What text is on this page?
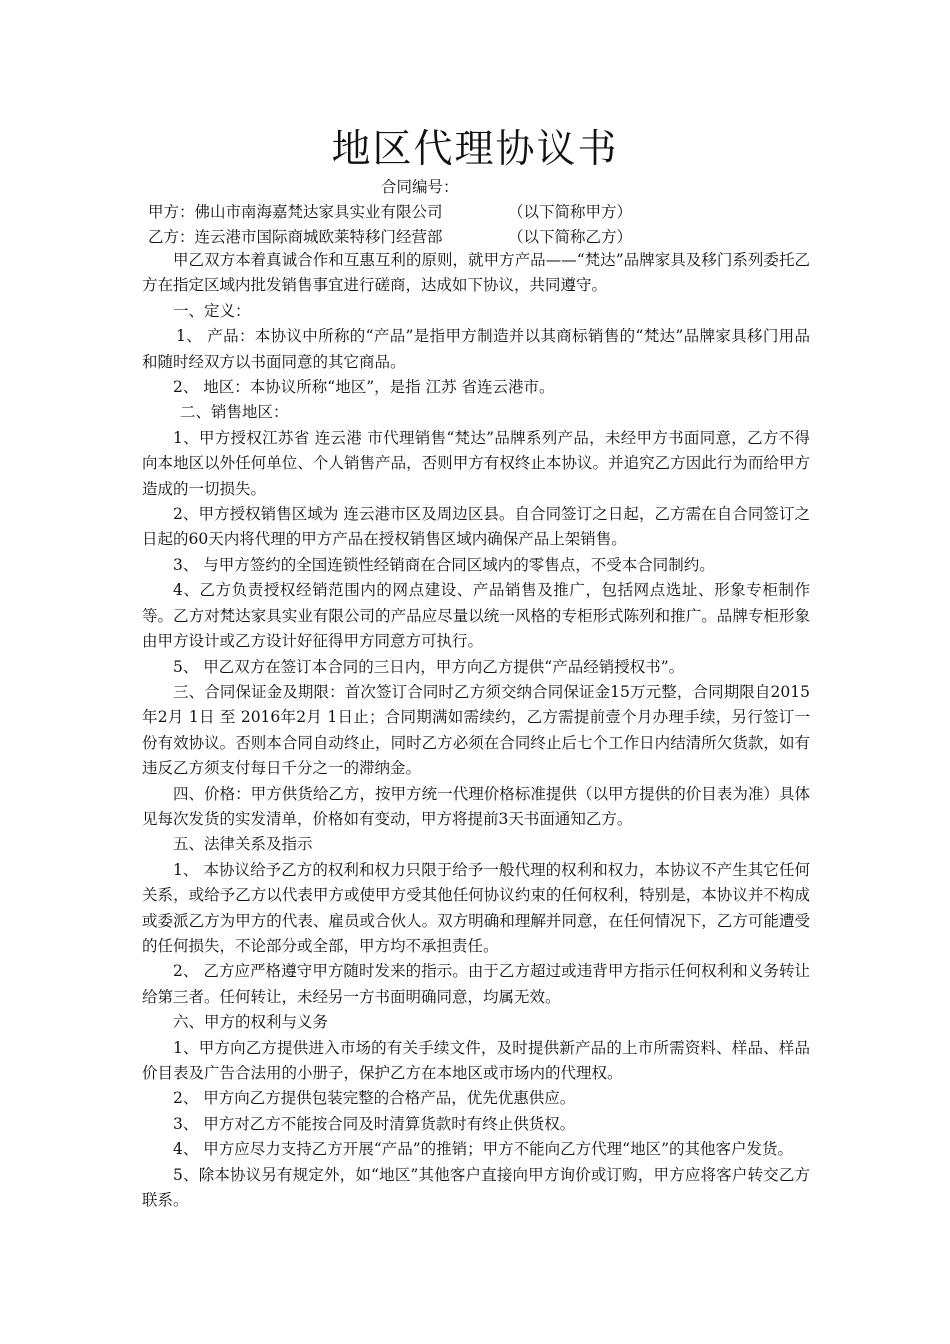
地区代理协议书
合同编号：
甲方：佛山市南海嘉梵达家具实业有限公司	（以下简称甲方）
乙方：连云港市国际商城欧莱特移门经营部	（以下简称乙方）

甲乙双方本着真诚合作和互惠互利的原则，就甲方产品——“梵达”品牌家具及移门系列委托乙方在指定区域内批发销售事宜进行磋商，达成如下协议，共同遵守。

一、定义：

1、 产品：本协议中所称的“产品”是指甲方制造并以其商标销售的“梵达”品牌家具移门用品和随时经双方以书面同意的其它商品。

2、 地区：本协议所称“地区”，是指 江苏 省连云港市。

二、销售地区：

1、甲方授权江苏省 连云港 市代理销售“梵达”品牌系列产品，未经甲方书面同意，乙方不得向本地区以外任何单位、个人销售产品，否则甲方有权终止本协议。并追究乙方因此行为而给甲方造成的一切损失。

2、甲方授权销售区域为 连云港市区及周边区县。自合同签订之日起，乙方需在自合同签订之日起的60天内将代理的甲方产品在授权销售区域内确保产品上架销售。

3、 与甲方签约的全国连锁性经销商在合同区域内的零售点，不受本合同制约。

4、乙方负责授权经销范围内的网点建设、产品销售及推广，包括网点选址、形象专柜制作等。乙方对梵达家具实业有限公司的产品应尽量以统一风格的专柜形式陈列和推广。品牌专柜形象由甲方设计或乙方设计好征得甲方同意方可执行。

5、 甲乙双方在签订本合同的三日内，甲方向乙方提供“产品经销授权书”。

三、合同保证金及期限：首次签订合同时乙方须交纳合同保证金15万元整，合同期限自2015年2月 1日 至 2016年2月 1日止；合同期满如需续约，乙方需提前壹个月办理手续，另行签订一份有效协议。否则本合同自动终止，同时乙方必须在合同终止后七个工作日内结清所欠货款，如有违反乙方须支付每日千分之一的滞纳金。

四、价格：甲方供货给乙方，按甲方统一代理价格标准提供（以甲方提供的价目表为准）具体见每次发货的实发清单，价格如有变动，甲方将提前3天书面通知乙方。

五、法律关系及指示

1、 本协议给予乙方的权利和权力只限于给予一般代理的权利和权力，本协议不产生其它任何关系，或给予乙方以代表甲方或使甲方受其他任何协议约束的任何权利，特别是，本协议并不构成或委派乙方为甲方的代表、雇员或合伙人。双方明确和理解并同意，在任何情况下，乙方可能遭受的任何损失，不论部分或全部，甲方均不承担责任。

2、 乙方应严格遵守甲方随时发来的指示。由于乙方超过或违背甲方指示任何权利和义务转让给第三者。任何转让，未经另一方书面明确同意，均属无效。

六、甲方的权利与义务

1、甲方向乙方提供进入市场的有关手续文件，及时提供新产品的上市所需资料、样品、样品价目表及广告合法用的小册子，保护乙方在本地区或市场内的代理权。

2、 甲方向乙方提供包装完整的合格产品，优先优惠供应。

3、 甲方对乙方不能按合同及时清算货款时有终止供货权。

4、 甲方应尽力支持乙方开展“产品”的推销；甲方不能向乙方代理“地区”的其他客户发货。

5、除本协议另有规定外，如“地区”其他客户直接向甲方询价或订购，甲方应将客户转交乙方联系。
